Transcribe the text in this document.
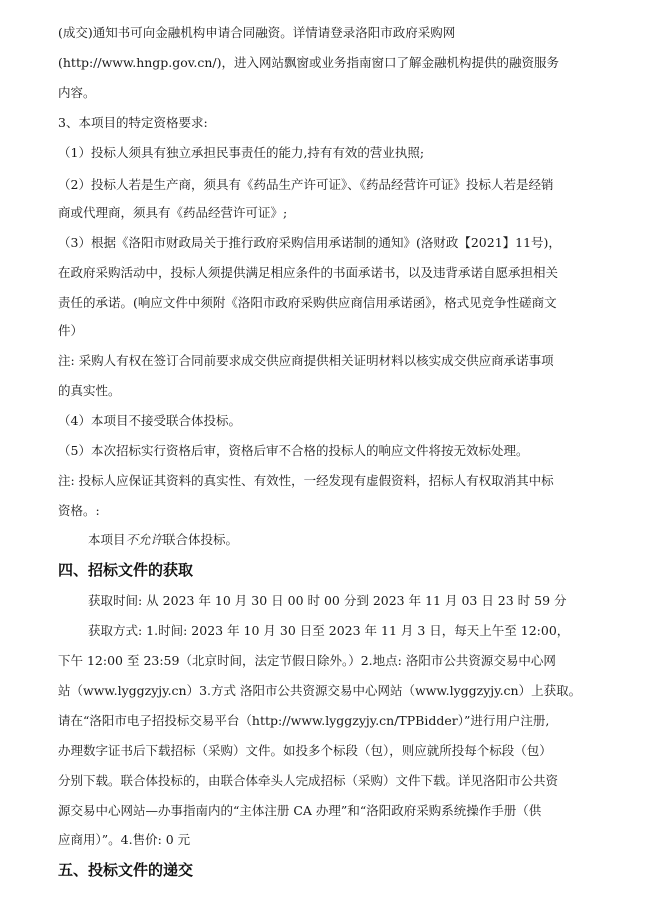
(成交)通知书可向金融机构申请合同融资。详情请登录洛阳市政府采购网
(http://www.hngp.gov.cn/)，进入网站飘窗或业务指南窗口了解金融机构提供的融资服务
内容。
3、本项目的特定资格要求:
（1）投标人须具有独立承担民事责任的能力,持有有效的营业执照;
（2）投标人若是生产商，须具有《药品生产许可证》、《药品经营许可证》投标人若是经销
商或代理商，须具有《药品经营许可证》;
（3）根据《洛阳市财政局关于推行政府采购信用承诺制的通知》(洛财政【2021】11号)，
在政府采购活动中，投标人须提供满足相应条件的书面承诺书，以及违背承诺自愿承担相关
责任的承诺。(响应文件中须附《洛阳市政府采购供应商信用承诺函》，格式见竞争性磋商文
件）
注: 采购人有权在签订合同前要求成交供应商提供相关证明材料以核实成交供应商承诺事项
的真实性。
（4）本项目不接受联合体投标。
（5）本次招标实行资格后审，资格后审不合格的投标人的响应文件将按无效标处理。
注: 投标人应保证其资料的真实性、有效性，一经发现有虚假资料，招标人有权取消其中标
资格。:
本项目不允许联合体投标。
四、招标文件的获取
获取时间: 从 2023 年 10 月 30 日 00 时 00 分到 2023 年 11 月 03 日 23 时 59 分
获取方式: 1.时间: 2023 年 10 月 30 日至 2023 年 11 月 3 日，每天上午至 12:00，
下午 12:00 至 23:59（北京时间，法定节假日除外。）2.地点: 洛阳市公共资源交易中心网
站（www.lyggzyjy.cn）3.方式 洛阳市公共资源交易中心网站（www.lyggzyjy.cn）上获取。
请在“洛阳市电子招投标交易平台（http://www.lyggzyjy.cn/TPBidder）”进行用户注册,
办理数字证书后下载招标（采购）文件。如投多个标段（包），则应就所投每个标段（包）
分别下载。联合体投标的，由联合体牵头人完成招标（采购）文件下载。详见洛阳市公共资
源交易中心网站—办事指南内的“主体注册 CA 办理”和“洛阳政府采购系统操作手册（供
应商用）”。4.售价: 0 元
五、投标文件的递交
